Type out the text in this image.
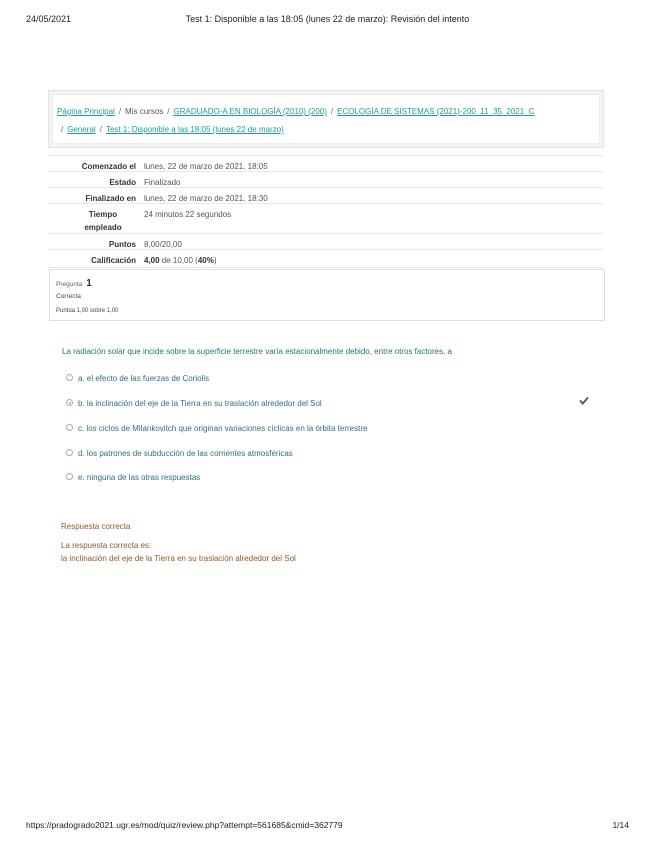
24/05/2021	Test 1: Disponible a las 18:05 (lunes 22 de marzo): Revisión del intento
Página Principal / Mis cursos / GRADUADO-A EN BIOLOGÍA (2010) (200) / ECOLOGÍA DE SISTEMAS (2021)-200_11_35_2021_C
/ General / Test 1: Disponible a las 18:05 (lunes 22 de marzo)
Comenzado el lunes, 22 de marzo de 2021, 18:05
Estado Finalizado
Finalizado en lunes, 22 de marzo de 2021, 18:30
Tiempo empleado
24 minutos 22 segundos
Puntos 8,00/20,00
Calificación 4,00 de 10,00 (40%)
Pregunta 1
Correcta
Puntúa 1,00 sobre 1,00
La radiación solar que incide sobre la superficie terrestre varía estacionalmente debido, entre otros factores, a
a. el efecto de las fuerzas de Coriolis
b. la inclinación del eje de la Tierra en su traslación alrededor del Sol
c. los ciclos de Milankovitch que originan variaciones cíclicas en la órbita terrestre
d. los patrones de subducción de las corrientes atmosféricas
e. ninguna de las otras respuestas
Respuesta correcta
La respuesta correcta es:
la inclinación del eje de la Tierra en su traslación alrededor del Sol
https://pradogrado2021.ugr.es/mod/quiz/review.php?attempt=561685&cmid=362779	1/14
